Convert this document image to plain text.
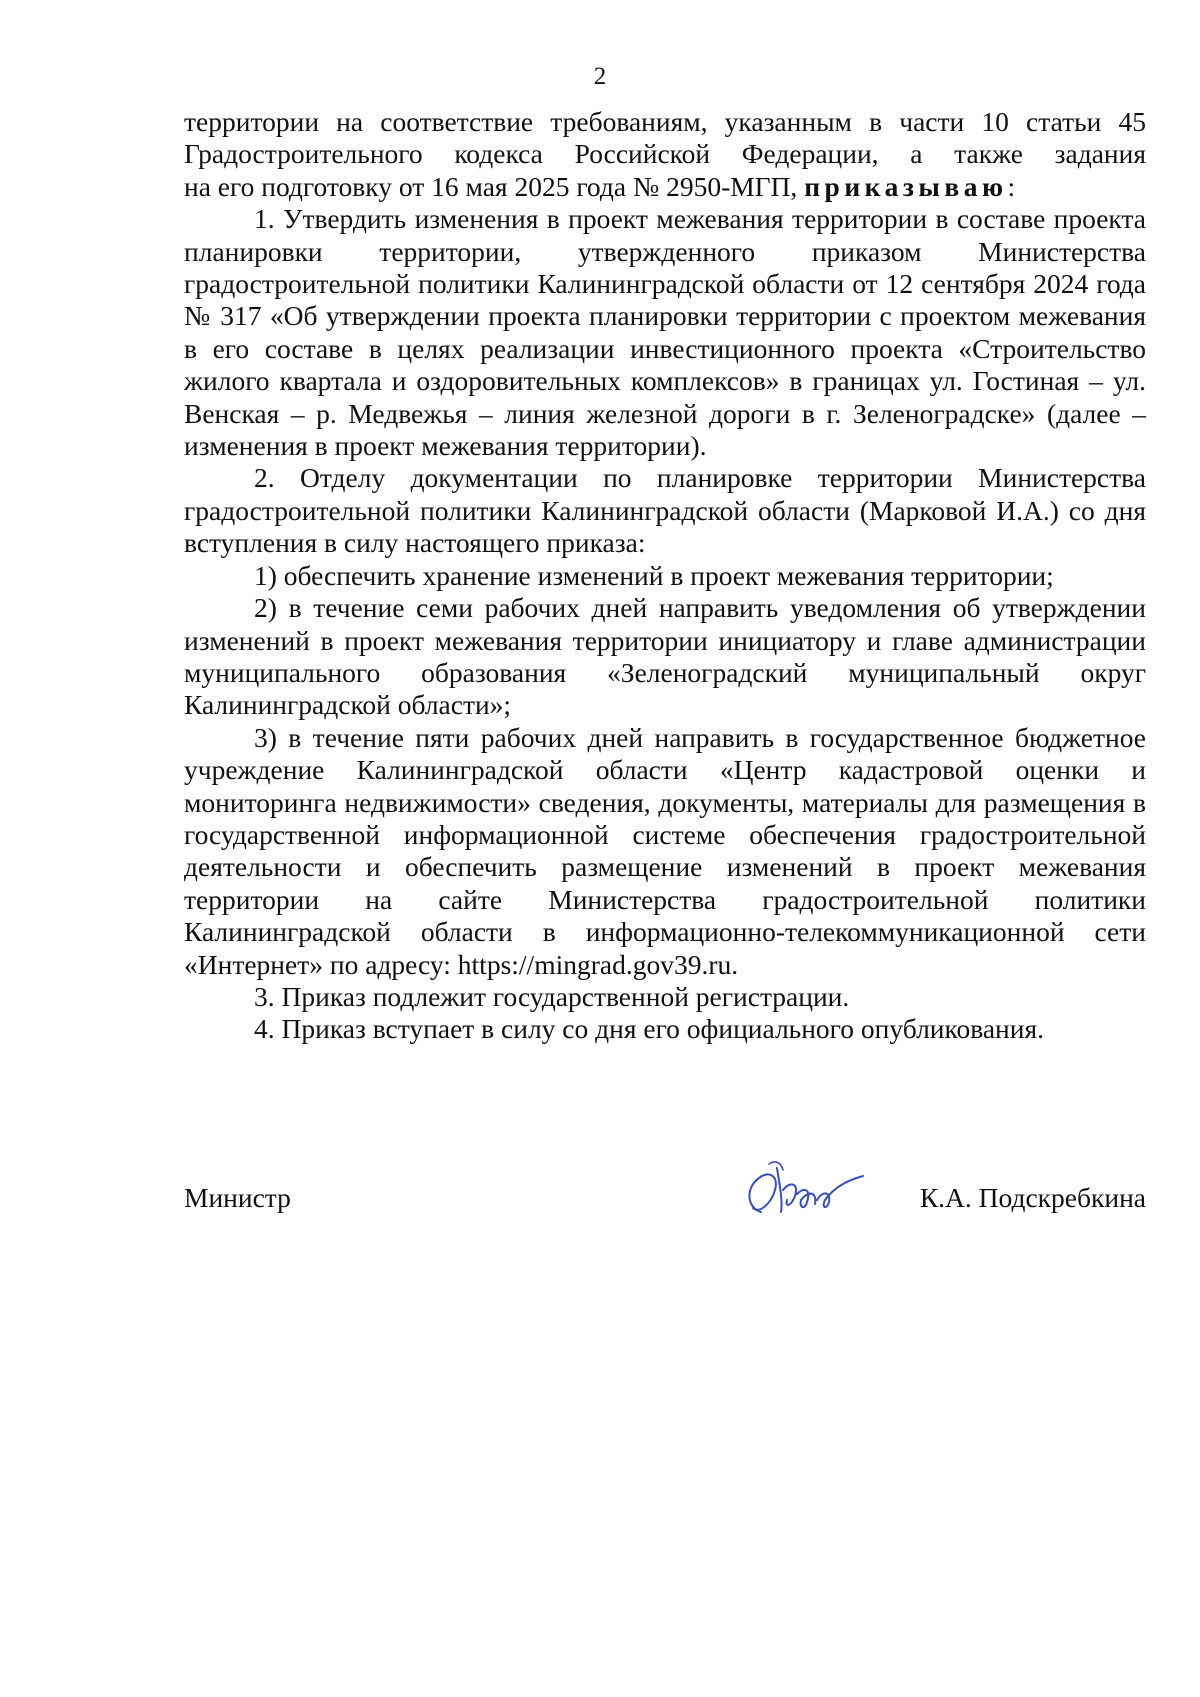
2

территории на соответствие требованиям, указанным в части 10 статьи 45

Градостроительного кодекса Российской Федерации, а также задания

на его подготовку от 16 мая 2025 года № 2950-МГП, приказываю:

1. Утвердить изменения в проект межевания территории в составе проекта планировки территории, утвержденного приказом Министерства градостроительной политики Калининградской области от 12 сентября 2024 года № 317 «Об утверждении проекта планировки территории с проектом межевания в его составе в целях реализации инвестиционного проекта «Строительство жилого квартала и оздоровительных комплексов» в границах ул. Гостиная – ул. Венская – р. Медвежья – линия железной дороги в г. Зеленоградске» (далее – изменения в проект межевания территории).

2. Отделу документации по планировке территории Министерства градостроительной политики Калининградской области (Марковой И.А.) со дня вступления в силу настоящего приказа:

1) обеспечить хранение изменений в проект межевания территории;

2) в течение семи рабочих дней направить уведомления об утверждении изменений в проект межевания территории инициатору и главе администрации муниципального образования «Зеленоградский муниципальный округ Калининградской области»;

3) в течение пяти рабочих дней направить в государственное бюджетное учреждение Калининградской области «Центр кадастровой оценки и мониторинга недвижимости» сведения, документы, материалы для размещения в государственной информационной системе обеспечения градостроительной деятельности и обеспечить размещение изменений в проект межевания территории на сайте Министерства градостроительной политики Калининградской области в информационно-телекоммуникационной сети «Интернет» по адресу: https://mingrad.gov39.ru.

3. Приказ подлежит государственной регистрации.

4. Приказ вступает в силу со дня его официального опубликования.

Министр	К.А. Подскребкина
